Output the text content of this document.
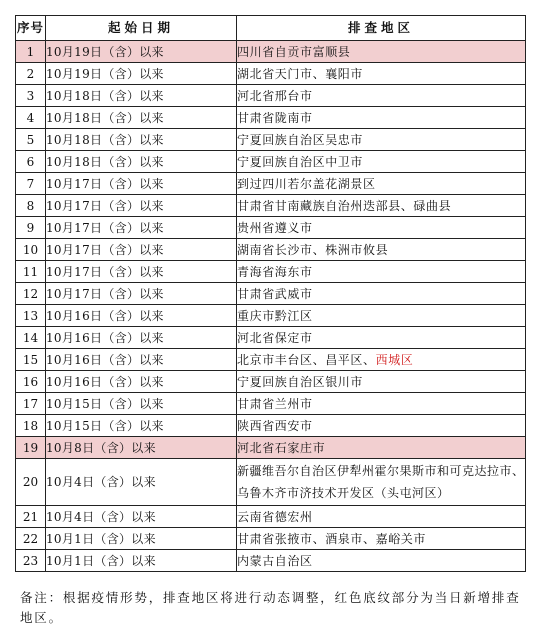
序号	起始日期	排查地区
1	10月19日（含）以来	四川省自贡市富顺县
2	10月19日（含）以来	湖北省天门市、襄阳市
3	10月18日（含）以来	河北省邢台市
4	10月18日（含）以来	甘肃省陇南市
5	10月18日（含）以来	宁夏回族自治区吴忠市
6	10月18日（含）以来	宁夏回族自治区中卫市
7	10月17日（含）以来	到过四川若尔盖花湖景区
8	10月17日（含）以来	甘肃省甘南藏族自治州迭部县、碌曲县
9	10月17日（含）以来	贵州省遵义市
10	10月17日（含）以来	湖南省长沙市、株洲市攸县
11	10月17日（含）以来	青海省海东市
12	10月17日（含）以来	甘肃省武威市
13	10月16日（含）以来	重庆市黔江区
14	10月16日（含）以来	河北省保定市
15	10月16日（含）以来	北京市丰台区、昌平区、西城区
16	10月16日（含）以来	宁夏回族自治区银川市
17	10月15日（含）以来	甘肃省兰州市
18	10月15日（含）以来	陕西省西安市
19	10月8日（含）以来	河北省石家庄市
20	10月4日（含）以来	新疆维吾尔自治区伊犁州霍尔果斯市和可克达拉市、乌鲁木齐市济技术开发区（头屯河区）
21	10月4日（含）以来	云南省德宏州
22	10月1日（含）以来	甘肃省张掖市、酒泉市、嘉峪关市
23	10月1日（含）以来	内蒙古自治区
备注：根据疫情形势，排查地区将进行动态调整，红色底纹部分为当日新增排查地区。
